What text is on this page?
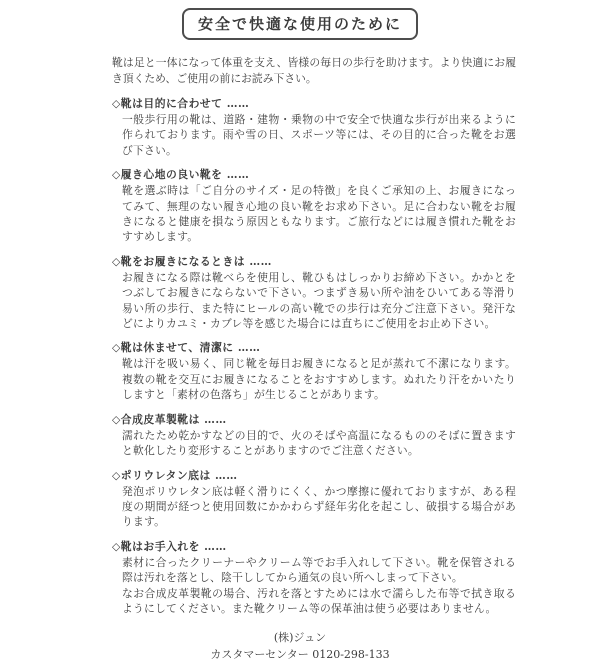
安全で快適な使用のために

靴は足と一体になって体重を支え、皆様の毎日の歩行を助けます。より快適にお履き頂くため、ご使用の前にお読み下さい。

◇靴は目的に合わせて ……

一般歩行用の靴は、道路・建物・乗物の中で安全で快適な歩行が出来るように作られております。雨や雪の日、スポーツ等には、その目的に合った靴をお選び下さい。

◇履き心地の良い靴を ……

靴を選ぶ時は「ご自分のサイズ・足の特徴」を良くご承知の上、お履きになってみて、無理のない履き心地の良い靴をお求め下さい。足に合わない靴をお履きになると健康を損なう原因ともなります。ご旅行などには履き慣れた靴をおすすめします。

◇靴をお履きになるときは ……

お履きになる際は靴べらを使用し、靴ひもはしっかりお締め下さい。かかとをつぶしてお履きにならないで下さい。つまずき易い所や油をひいてある等滑り易い所の歩行、また特にヒールの高い靴での歩行は充分ご注意下さい。発汗などによりカユミ・カブレ等を感じた場合には直ちにご使用をお止め下さい。

◇靴は休ませて、清潔に ……

靴は汗を吸い易く、同じ靴を毎日お履きになると足が蒸れて不潔になります。複数の靴を交互にお履きになることをおすすめします。ぬれたり汗をかいたりしますと「素材の色落ち」が生じることがあります。

◇合成皮革製靴は ……

濡れたため乾かすなどの目的で、火のそばや高温になるもののそばに置きますと軟化したり変形することがありますのでご注意ください。

◇ポリウレタン底は ……

発泡ポリウレタン底は軽く滑りにくく、かつ摩擦に優れておりますが、ある程度の期間が経つと使用回数にかかわらず経年劣化を起こし、破損する場合があります。

◇靴はお手入れを ……

素材に合ったクリーナーやクリーム等でお手入れして下さい。靴を保管される際は汚れを落とし、陰干ししてから通気の良い所へしまって下さい。

なお合成皮革製靴の場合、汚れを落とすためには水で濡らした布等で拭き取るようにしてください。また靴クリーム等の保革油は使う必要はありません。

(株)ジュン
カスタマーセンター 0120-298-133
